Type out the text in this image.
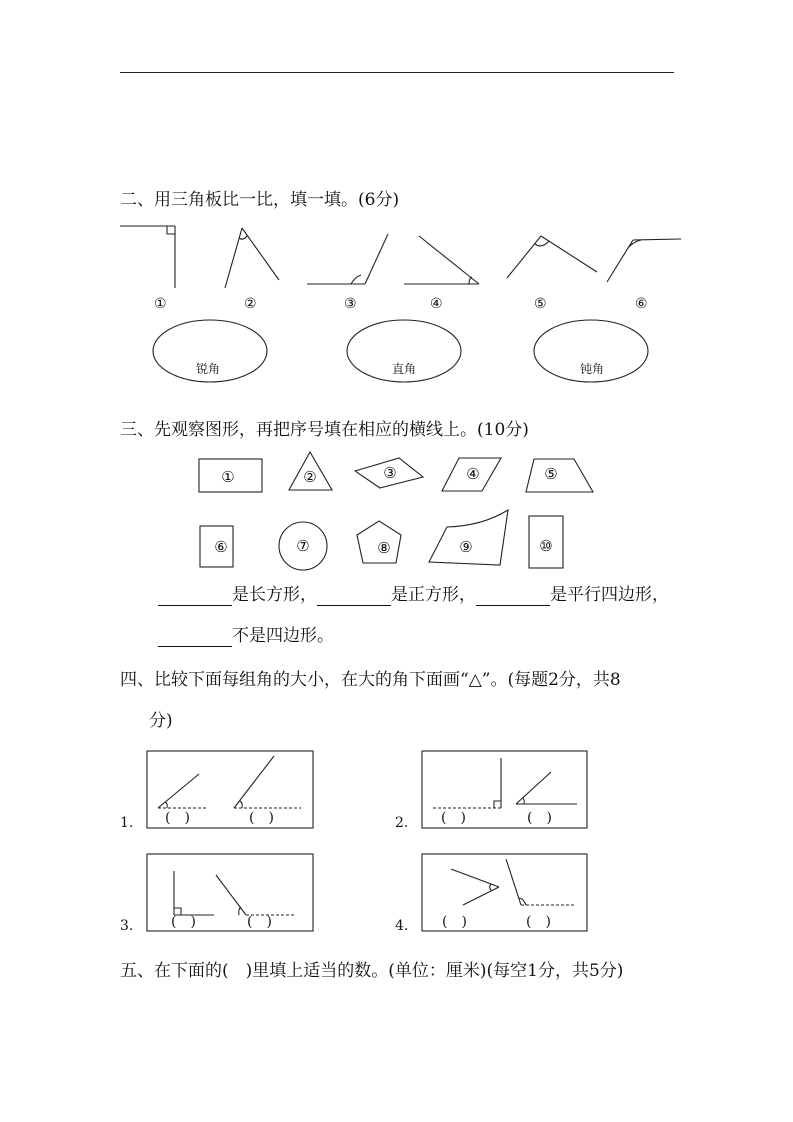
二、用三角板比一比，填一填。(6分)
①	②	③	④	⑤	⑥
锐角	直角	钝角
三、先观察图形，再把序号填在相应的横线上。(10分)
①	②	③	④	⑤
⑥	⑦	⑧	⑨	⑩
是长方形，	是正方形，	是平行四边形，
不是四边形。
四、比较下面每组角的大小，在大的角下面画“△”。(每题2分，共8
分)
1. (　)	(　)	2. (　)	(　)
3.	(　)	(　)	4. (　)	(　)
五、在下面的(　)里填上适当的数。(单位：厘米)(每空1分，共5分)
